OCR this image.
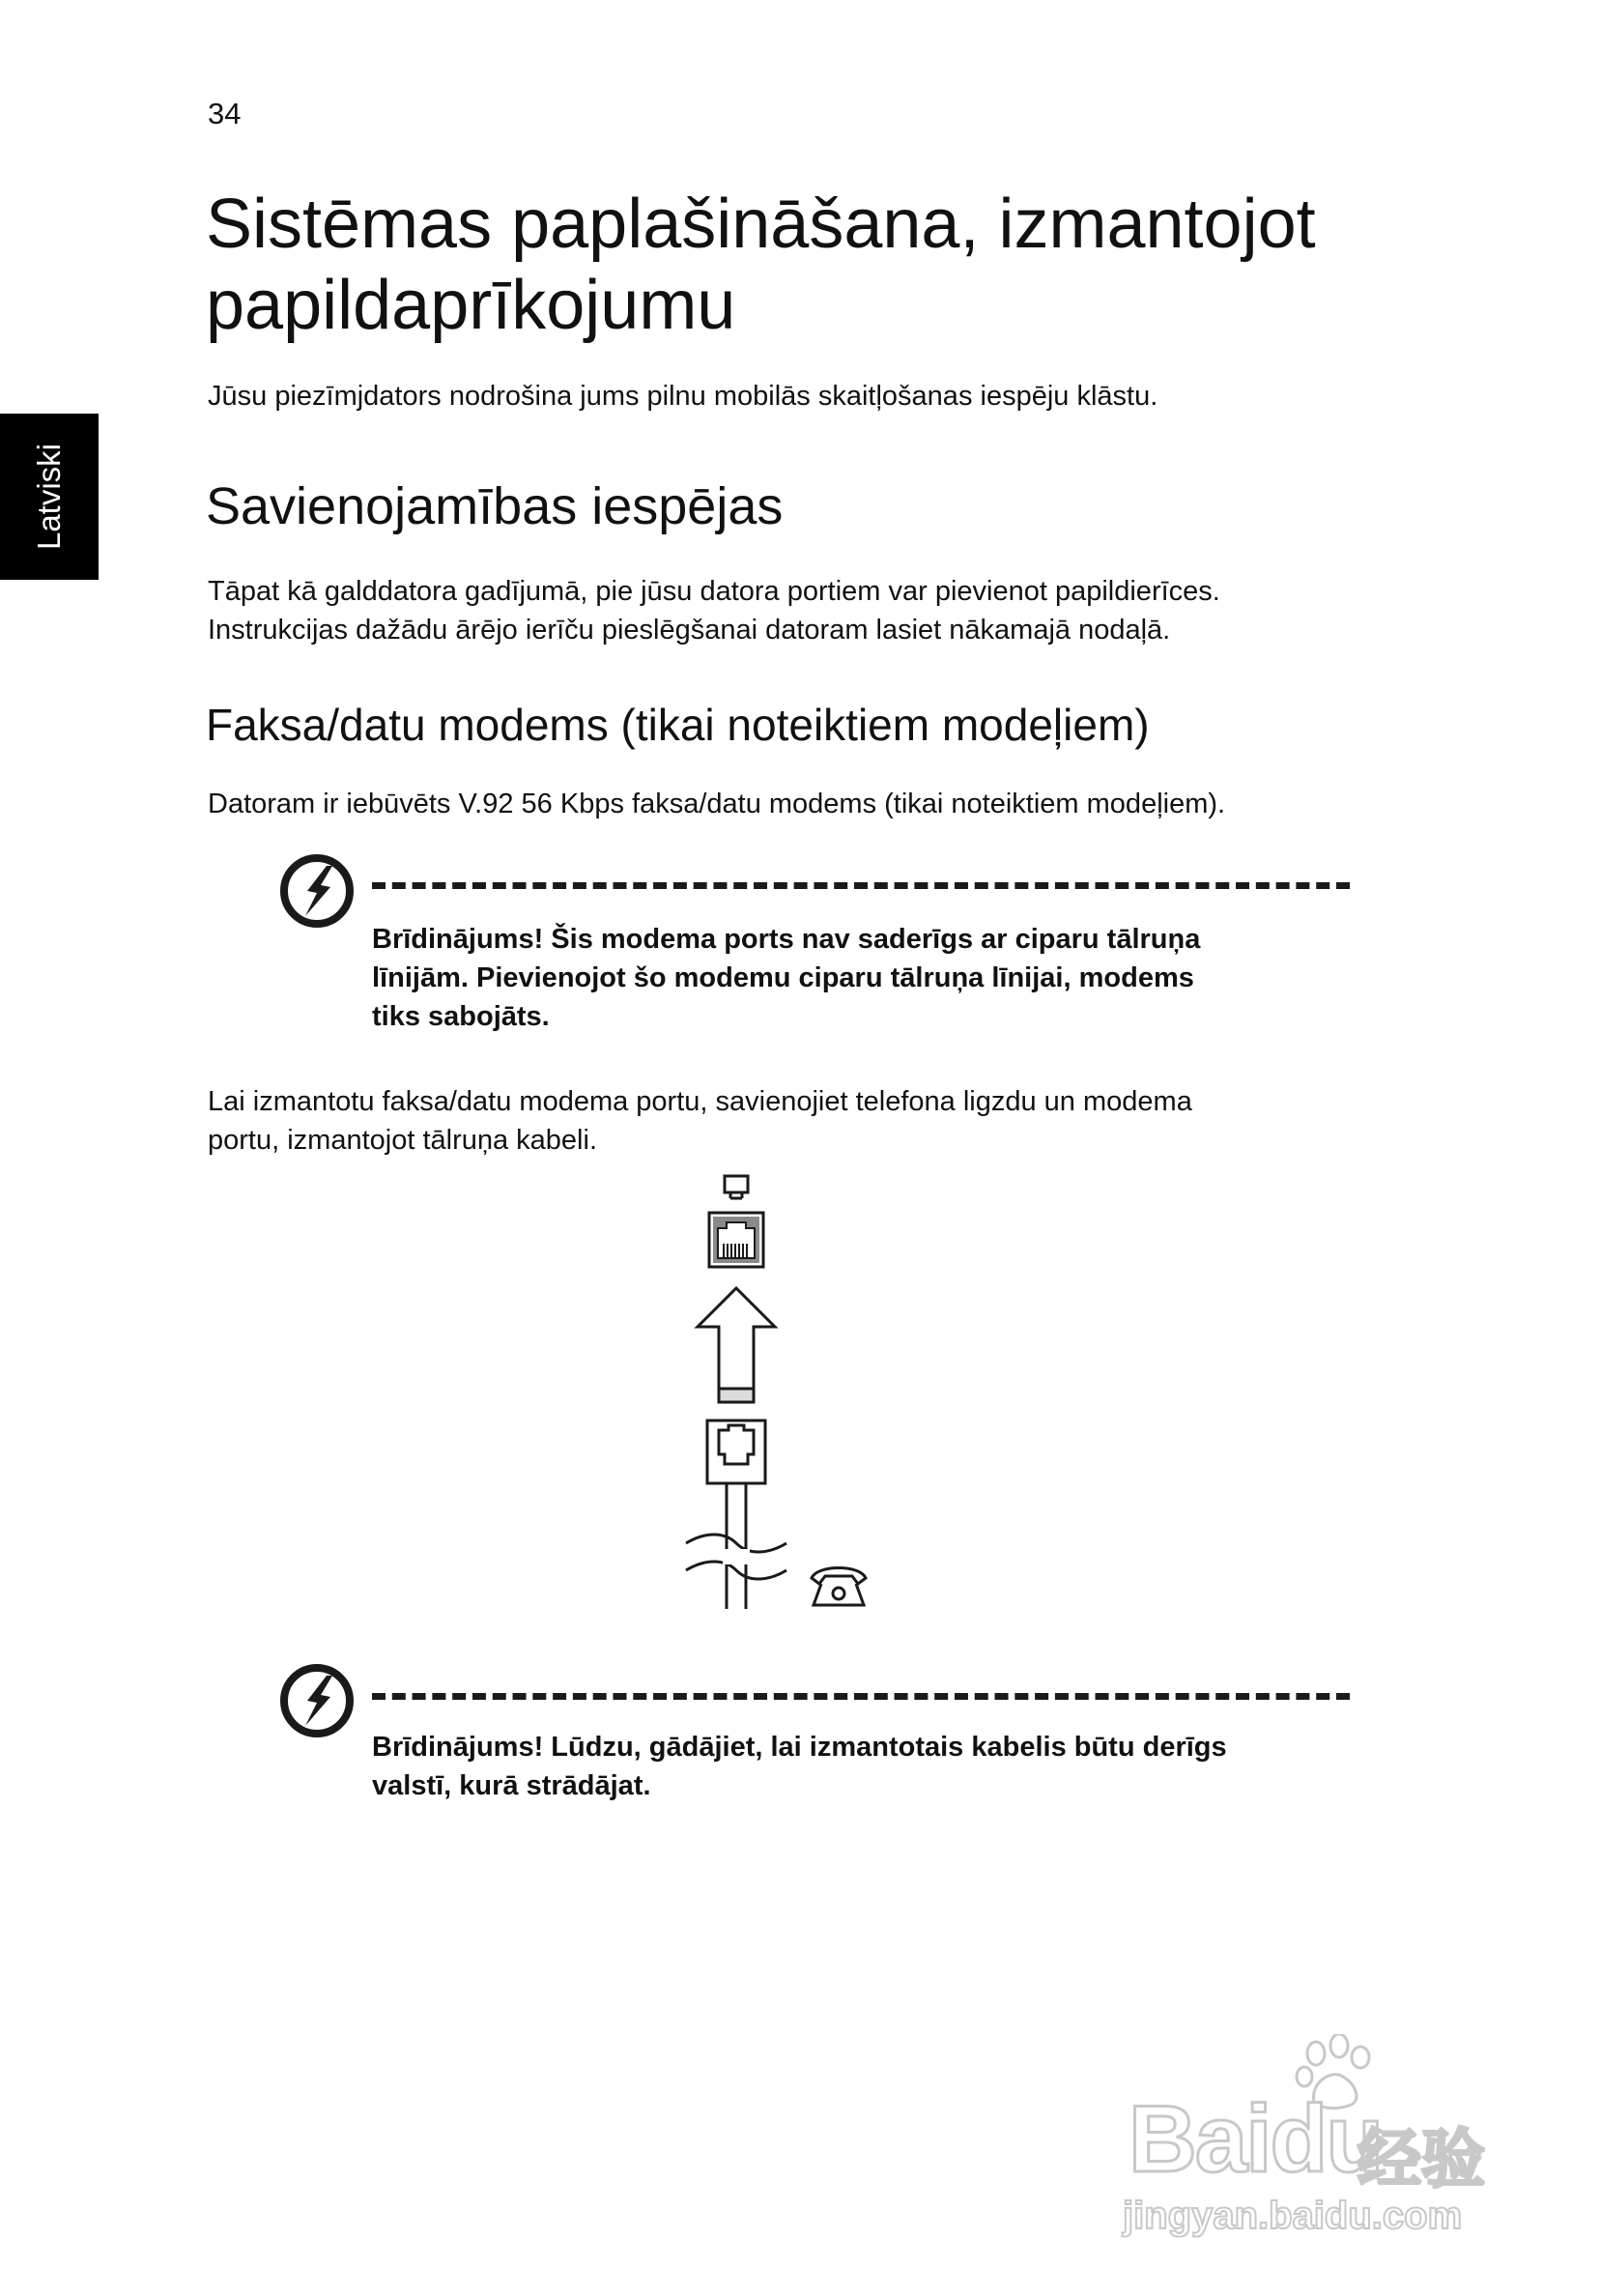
34
Latviski
Sistēmas paplašināšana, izmantojot
papildaprīkojumu

Jūsu piezīmjdators nodrošina jums pilnu mobilās skaitļošanas iespēju klāstu.

Savienojamības iespējas

Tāpat kā galddatora gadījumā, pie jūsu datora portiem var pievienot papildierīces.
Instrukcijas dažādu ārējo ierīču pieslēgšanai datoram lasiet nākamajā nodaļā.

Faksa/datu modems (tikai noteiktiem modeļiem)

Datoram ir iebūvēts V.92 56 Kbps faksa/datu modems (tikai noteiktiem modeļiem).

Brīdinājums! Šis modema ports nav saderīgs ar ciparu tālruņa
līnijām. Pievienojot šo modemu ciparu tālruņa līnijai, modems
tiks sabojāts.

Lai izmantotu faksa/datu modema portu, savienojiet telefona ligzdu un modema
portu, izmantojot tālruņa kabeli.

Brīdinājums! Lūdzu, gādājiet, lai izmantotais kabelis būtu derīgs
valstī, kurā strādājat.

Baidu
经验
jingyan.baidu.com
